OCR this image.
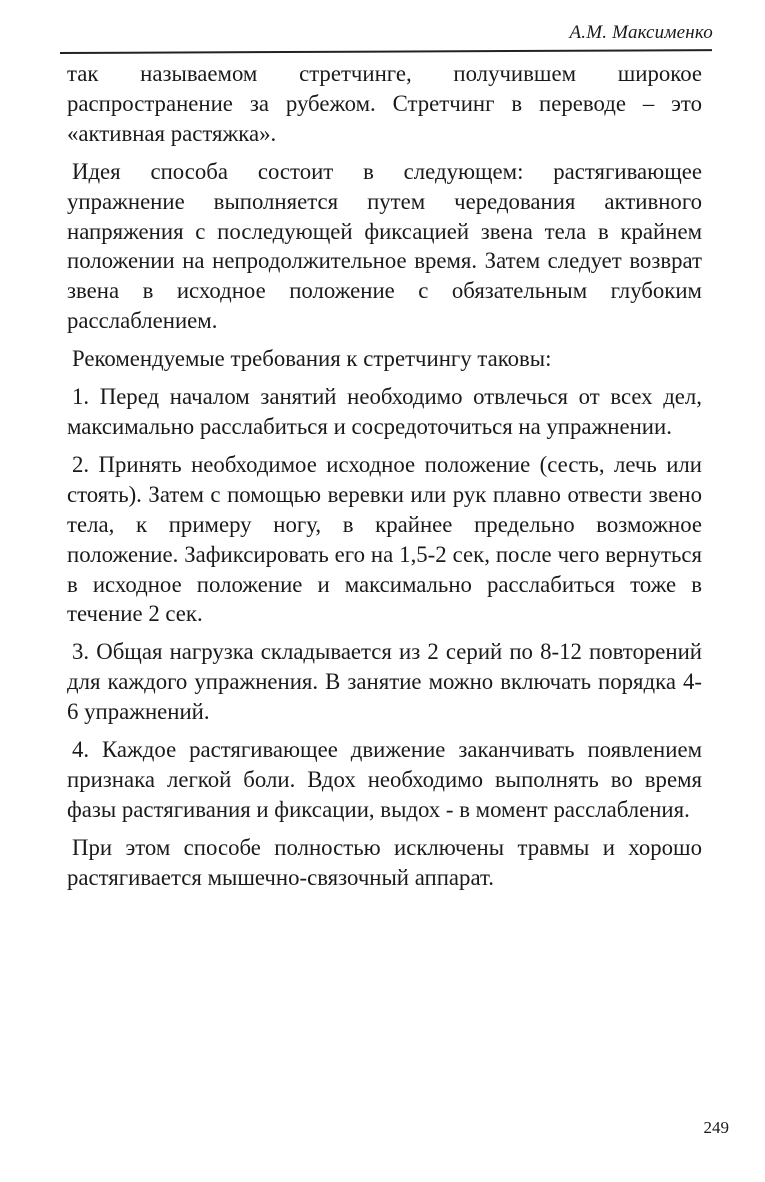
А.М. Максименко

так называемом стретчинге, получившем широкое распространение за рубежом. Стретчинг в переводе – это «активная растяжка».

Идея способа состоит в следующем: растягивающее упражнение выполняется путем чередования активного напряжения с последующей фиксацией звена тела в крайнем положении на непродолжительное время. Затем следует возврат звена в исходное положение с обязательным глубоким расслаблением.

Рекомендуемые требования к стретчингу таковы:

1. Перед началом занятий необходимо отвлечься от всех дел, максимально расслабиться и сосредоточиться на упражнении.

2. Принять необходимое исходное положение (сесть, лечь или стоять). Затем с помощью веревки или рук плавно отвести звено тела, к примеру ногу, в крайнее предельно возможное положение. Зафиксировать его на 1,5-2 сек, после чего вернуться в исходное положение и максимально расслабиться тоже в течение 2 сек.

3. Общая нагрузка складывается из 2 серий по 8-12 повторений для каждого упражнения. В занятие можно включать порядка 4-6 упражнений.

4. Каждое растягивающее движение заканчивать появлением признака легкой боли. Вдох необходимо выполнять во время фазы растягивания и фиксации, выдох - в момент расслабления.

При этом способе полностью исключены травмы и хорошо растягивается мышечно-связочный аппарат.

249
